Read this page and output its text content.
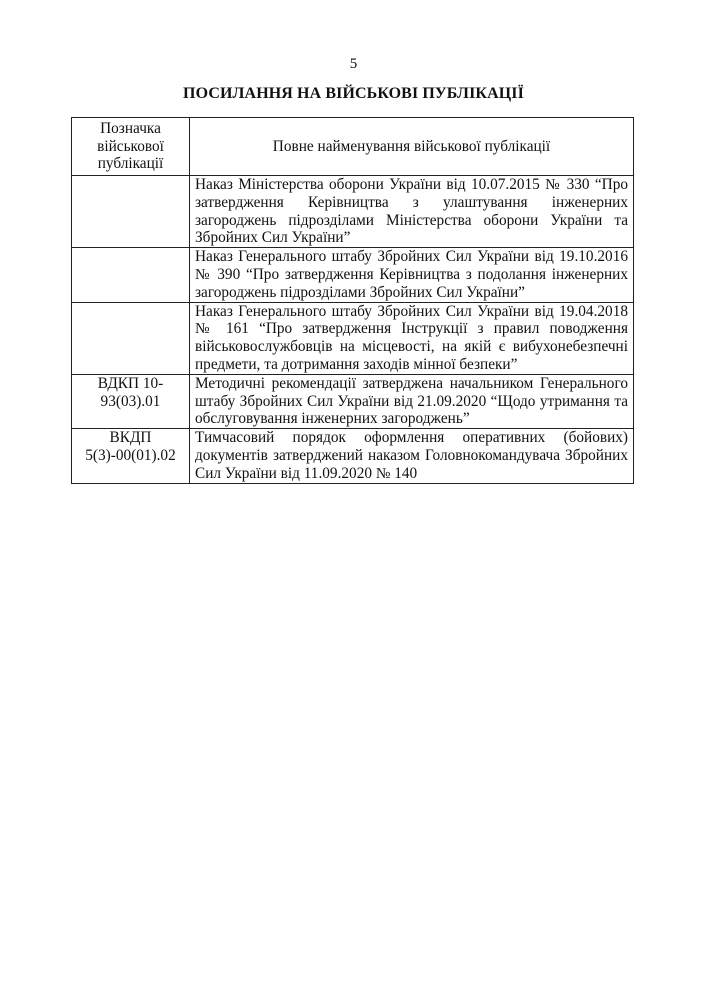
5
ПОСИЛАННЯ НА ВІЙСЬКОВІ ПУБЛІКАЦІЇ
Позначка військової публікації	Повне найменування військової публікації
	Наказ Міністерства оборони України від 10.07.2015 № 330 “Про затвердження Керівництва з улаштування інженерних загороджень підрозділами Міністерства оборони України та Збройних Сил України”
	Наказ Генерального штабу Збройних Сил України від 19.10.2016 № 390 “Про затвердження Керівництва з подолання інженерних загороджень підрозділами Збройних Сил України”
	Наказ Генерального штабу Збройних Сил України від 19.04.2018 № 161 “Про затвердження Інструкції з правил поводження військовослужбовців на місцевості, на якій є вибухонебезпечні предмети, та дотримання заходів мінної безпеки”
ВДКП 10-93(03).01	Методичні рекомендації затверджена начальником Генерального штабу Збройних Сил України від 21.09.2020 “Щодо утримання та обслуговування інженерних загороджень”
ВКДП 5(3)-00(01).02	Тимчасовий порядок оформлення оперативних (бойових) документів затверджений наказом Головнокомандувача Збройних Сил України від 11.09.2020 № 140
